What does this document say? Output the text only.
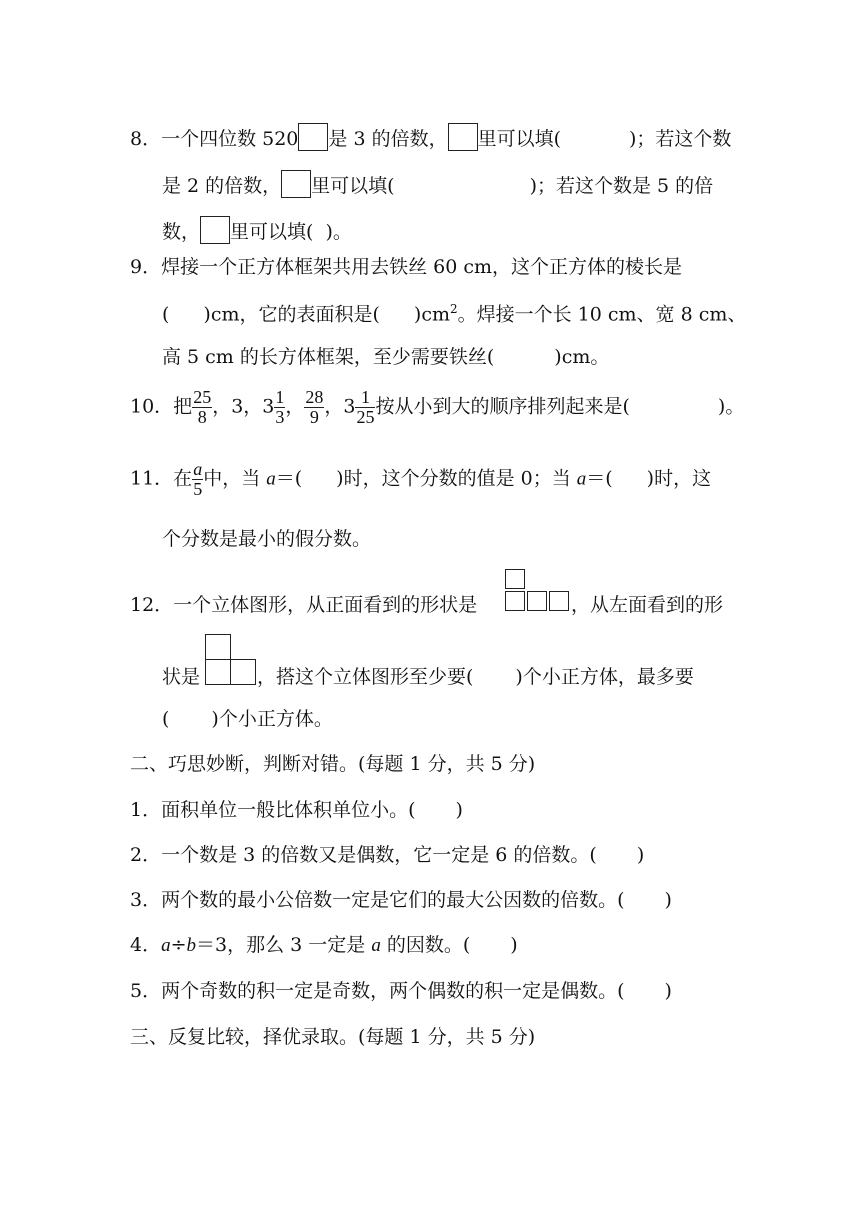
8．一个四位数 520 是 3 的倍数， 里可以填(	)；若这个数
是 2 的倍数， 里可以填(	)；若这个数是 5 的倍
数， 里可以填( )。
9．焊接一个正方体框架共用去铁丝 60 cm，这个正方体的棱长是
( )cm，它的表面积是( )$cm^2$。焊接一个长 10 cm、宽 8 cm、
高 5 cm 的长方体框架，至少需要铁丝(	)cm。
10．把 $\frac{25}{8}$ ，3，$3 \frac{1}{3}$ ， $\frac{28}{9}$ ，$3 \frac{1}{25}$ 按从小到大的顺序排列起来是(	)。
11．在 $\frac{a}{5}$ 中，当 a＝( )时，这个分数的值是 0；当 a＝( )时，这
个分数是最小的假分数。
12．一个立体图形，从正面看到的形状是	，从左面看到的形
状是	，搭这个立体图形至少要( )个小正方体，最多要
( )个小正方体。
二、巧思妙断，判断对错。(每题 1 分，共 5 分)
1．面积单位一般比体积单位小。( )
2．一个数是 3 的倍数又是偶数，它一定是 6 的倍数。( )
3．两个数的最小公倍数一定是它们的最大公因数的倍数。( )
4．a÷b＝3，那么 3 一定是 a 的因数。( )
5．两个奇数的积一定是奇数，两个偶数的积一定是偶数。( )
三、反复比较，择优录取。(每题 1 分，共 5 分)
